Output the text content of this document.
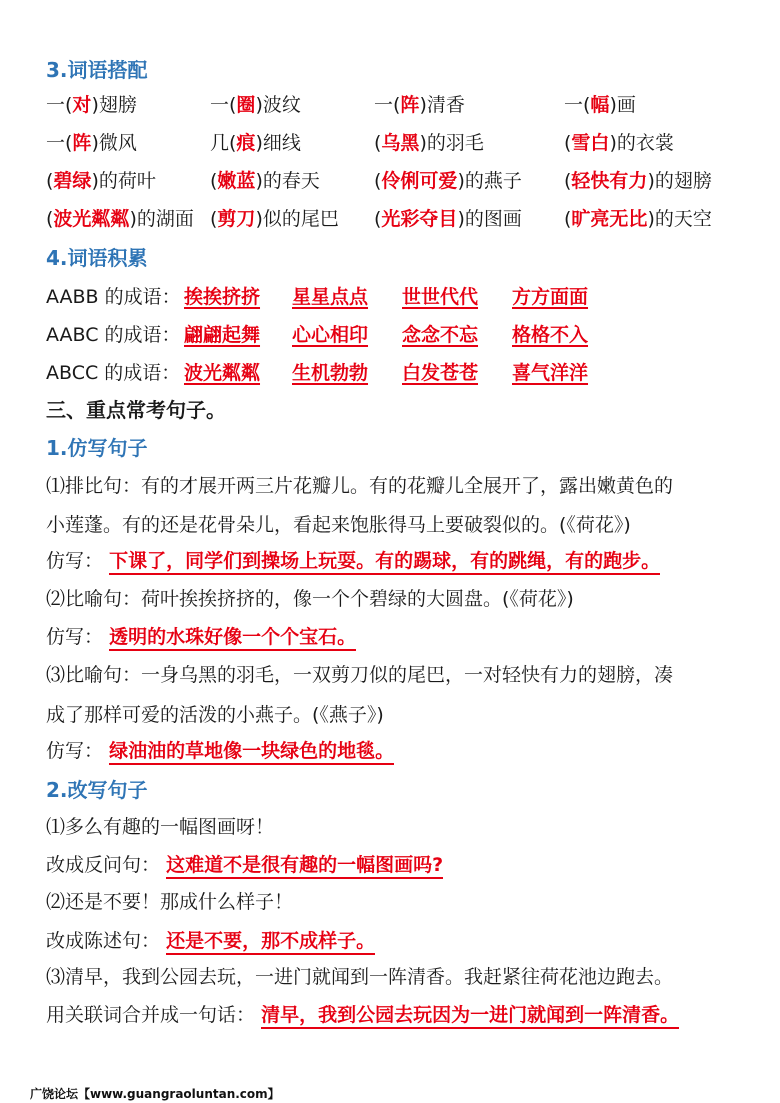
3.词语搭配
一(对)翅膀	一(圈)波纹	一(阵)清香	一(幅)画
一(阵)微风	几(痕)细线	(乌黑)的羽毛	(雪白)的衣裳
(碧绿)的荷叶	(嫩蓝)的春天	(伶俐可爱)的燕子 (轻快有力)的翅膀
(波光粼粼)的湖面 (剪刀)似的尾巴 (光彩夺目)的图画 (旷亮无比)的天空
4.词语积累
AABB 的成语： 挨挨挤挤 星星点点 世世代代 方方面面
AABC 的成语： 翩翩起舞 心心相印 念念不忘 格格不入
ABCC 的成语： 波光粼粼 生机勃勃 白发苍苍 喜气洋洋
三、重点常考句子。
1.仿写句子
⑴排比句：有的才展开两三片花瓣儿。有的花瓣儿全展开了，露出嫩黄色的
小莲蓬。有的还是花骨朵儿，看起来饱胀得马上要破裂似的。(《荷花》)
仿写： 下课了，同学们到操场上玩耍。有的踢球，有的跳绳，有的跑步。
⑵比喻句：荷叶挨挨挤挤的，像一个个碧绿的大圆盘。(《荷花》)
仿写： 透明的水珠好像一个个宝石。
⑶比喻句：一身乌黑的羽毛，一双剪刀似的尾巴，一对轻快有力的翅膀，凑
成了那样可爱的活泼的小燕子。(《燕子》)
仿写： 绿油油的草地像一块绿色的地毯。
2.改写句子
⑴多么有趣的一幅图画呀！
改成反问句： 这难道不是很有趣的一幅图画吗?
⑵还是不要！那成什么样子！
改成陈述句： 还是不要，那不成样子。
⑶清早，我到公园去玩，一进门就闻到一阵清香。我赶紧往荷花池边跑去。
用关联词合并成一句话： 清早，我到公园去玩因为一进门就闻到一阵清香。
广饶论坛【www.guangraoluntan.com】
